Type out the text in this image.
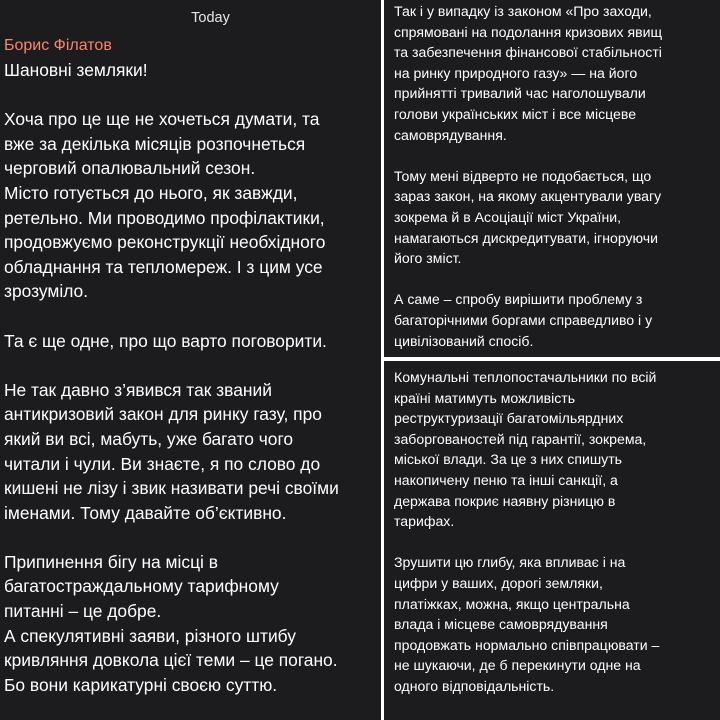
Today
Борис Філатов

Шановні земляки!

Хоча про це ще не хочеться думати, та
вже за декілька місяців розпочнеться
черговий опалювальний сезон.
Місто готується до нього, як завжди,
ретельно. Ми проводимо профілактики,
продовжуємо реконструкції необхідного
обладнання та тепломереж. І з цим усе
зрозуміло.

Та є ще одне, про що варто поговорити.

Не так давно з’явився так званий
антикризовий закон для ринку газу, про
який ви всі, мабуть, уже багато чого
читали і чули. Ви знаєте, я по слово до
кишені не лізу і звик називати речі своїми
іменами. Тому давайте об’єктивно.

Припинення бігу на місці в
багатостраждальному тарифному
питанні – це добре.
А спекулятивні заяви, різного штибу
кривляння довкола цієї теми – це погано.
Бо вони карикатурні своєю суттю.

Так і у випадку із законом «Про заходи,
спрямовані на подолання кризових явищ
та забезпечення фінансової стабільності
на ринку природного газу» — на його
прийнятті тривалий час наголошували
голови українських міст і все місцеве
самоврядування.

Тому мені відверто не подобається, що
зараз закон, на якому акцентували увагу
зокрема й в Асоціації міст України,
намагаються дискредитувати, ігноруючи
його зміст.

А саме – спробу вирішити проблему з
багаторічними боргами справедливо і у
цивілізований спосіб.

Комунальні теплопостачальники по всій
країні матимуть можливість
реструктуризації багатомільярдних
заборгованостей під гарантії, зокрема,
міської влади. За це з них спишуть
накопичену пеню та інші санкції, а
держава покриє наявну різницю в
тарифах.

Зрушити цю глибу, яка впливає і на
цифри у ваших, дорогі земляки,
платіжках, можна, якщо центральна
влада і місцеве самоврядування
продовжать нормально співпрацювати –
не шукаючи, де б перекинути одне на
одного відповідальність.
